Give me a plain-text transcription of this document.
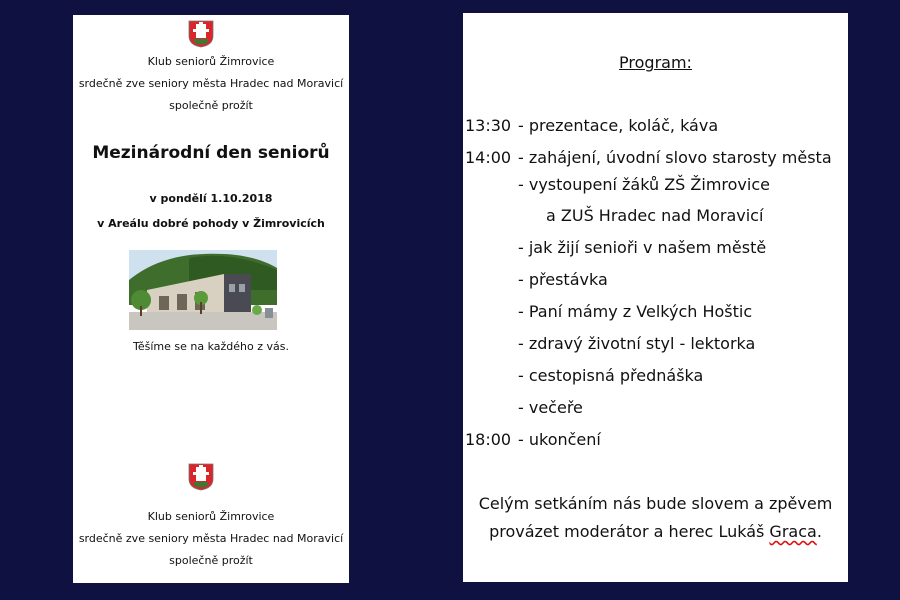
Klub seniorů Žimrovice
srdečně zve seniory města Hradec nad Moravicí
společně prožít
Mezinárodní den seniorů
v pondělí 1.10.2018
v Areálu dobré pohody v Žimrovicích
Těšíme se na každého z vás.
Klub seniorů Žimrovice
srdečně zve seniory města Hradec nad Moravicí
společně prožít
Program:
13:30 - prezentace, koláč, káva
14:00 - zahájení, úvodní slovo starosty města
- vystoupení žáků ZŠ Žimrovice
a ZUŠ Hradec nad Moravicí
- jak žijí senioři v našem městě
- přestávka
- Paní mámy z Velkých Hoštic
- zdravý životní styl - lektorka
- cestopisná přednáška
- večeře
18:00 - ukončení
Celým setkáním nás bude slovem a zpěvem
provázet moderátor a herec Lukáš Graca.
